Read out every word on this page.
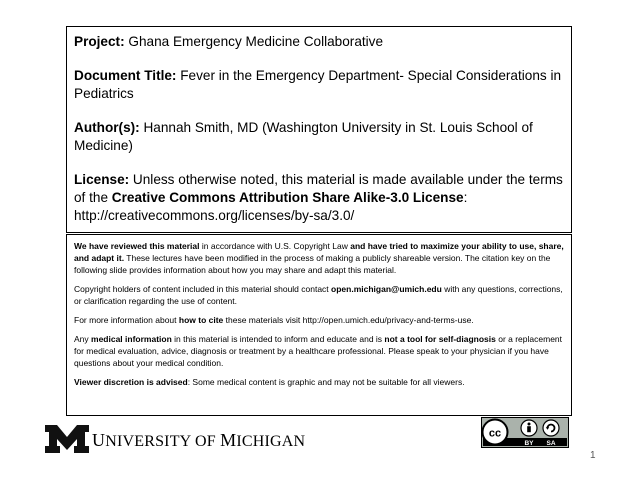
Project: Ghana Emergency Medicine Collaborative

Document Title: Fever in the Emergency Department- Special Considerations in Pediatrics

Author(s): Hannah Smith, MD (Washington University in St. Louis School of Medicine)

License: Unless otherwise noted, this material is made available under the terms of the Creative Commons Attribution Share Alike-3.0 License: http://creativecommons.org/licenses/by-sa/3.0/

We have reviewed this material in accordance with U.S. Copyright Law and have tried to maximize your ability to use, share, and adapt it. These lectures have been modified in the process of making a publicly shareable version. The citation key on the following slide provides information about how you may share and adapt this material.

Copyright holders of content included in this material should contact open.michigan@umich.edu with any questions, corrections, or clarification regarding the use of content.

For more information about how to cite these materials visit http://open.umich.edu/privacy-and-terms-use.

Any medical information in this material is intended to inform and educate and is not a tool for self-diagnosis or a replacement for medical evaluation, advice, diagnosis or treatment by a healthcare professional. Please speak to your physician if you have questions about your medical condition.

Viewer discretion is advised: Some medical content is graphic and may not be suitable for all viewers.

UNIVERSITY OF MICHIGAN	cc
BY SA
1
